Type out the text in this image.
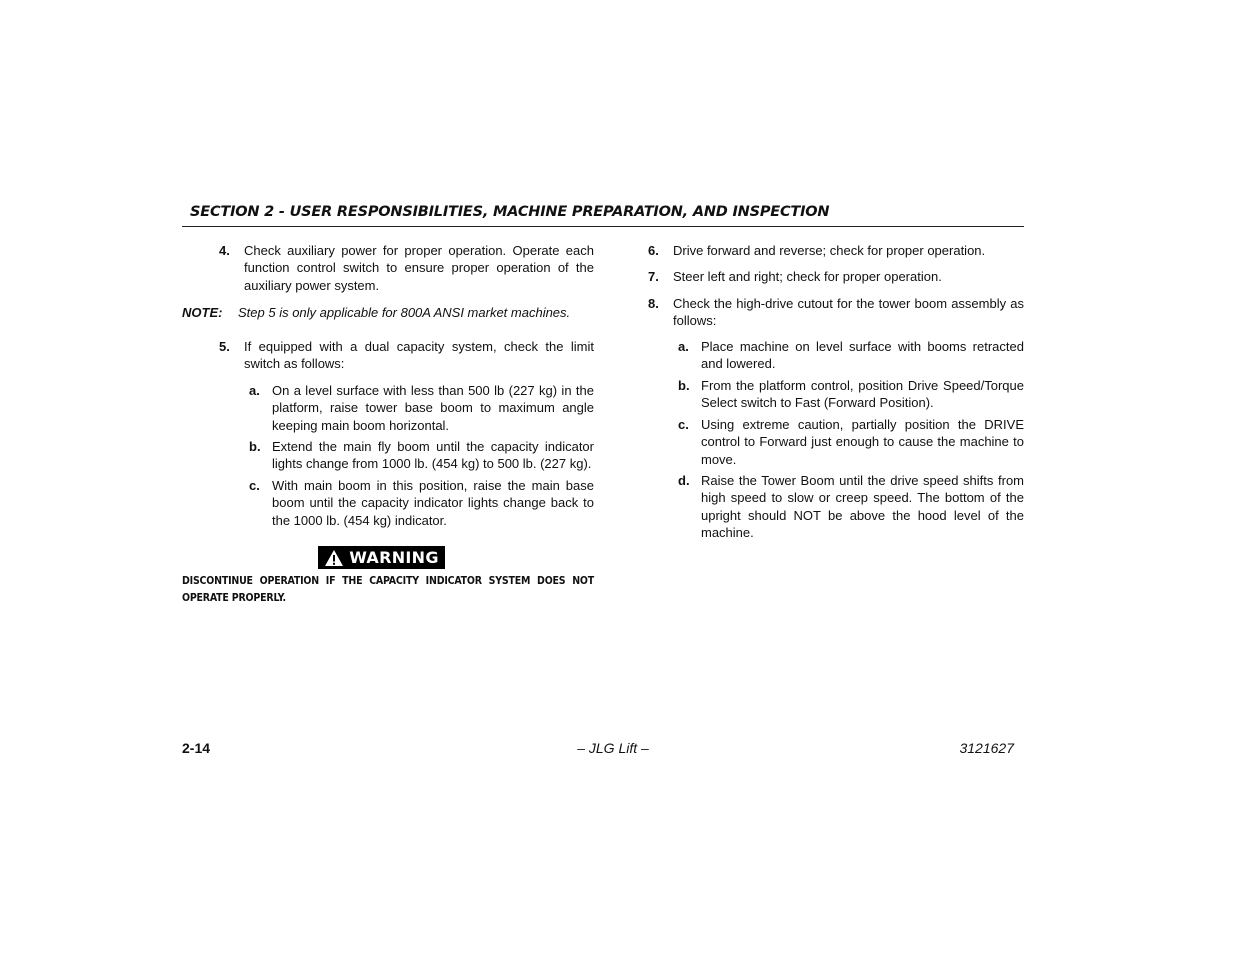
SECTION 2 - USER RESPONSIBILITIES, MACHINE PREPARATION, AND INSPECTION
4. Check auxiliary power for proper operation. Operate each function control switch to ensure proper operation of the auxiliary power system.
NOTE: Step 5 is only applicable for 800A ANSI market machines.
5. If equipped with a dual capacity system, check the limit switch as follows:
a. On a level surface with less than 500 lb (227 kg) in the platform, raise tower base boom to maximum angle keeping main boom horizontal.
b. Extend the main fly boom until the capacity indicator lights change from 1000 lb. (454 kg) to 500 lb. (227 kg).
c. With main boom in this position, raise the main base boom until the capacity indicator lights change back to the 1000 lb. (454 kg) indicator.
WARNING
DISCONTINUE OPERATION IF THE CAPACITY INDICATOR SYSTEM DOES NOT OPERATE PROPERLY.
6. Drive forward and reverse; check for proper operation.
7. Steer left and right; check for proper operation.
8. Check the high-drive cutout for the tower boom assembly as follows:
a. Place machine on level surface with booms retracted and lowered.
b. From the platform control, position Drive Speed/Torque Select switch to Fast (Forward Position).
c. Using extreme caution, partially position the DRIVE control to Forward just enough to cause the machine to move.
d. Raise the Tower Boom until the drive speed shifts from high speed to slow or creep speed. The bottom of the upright should NOT be above the hood level of the machine.
2-14	– JLG Lift –	3121627
